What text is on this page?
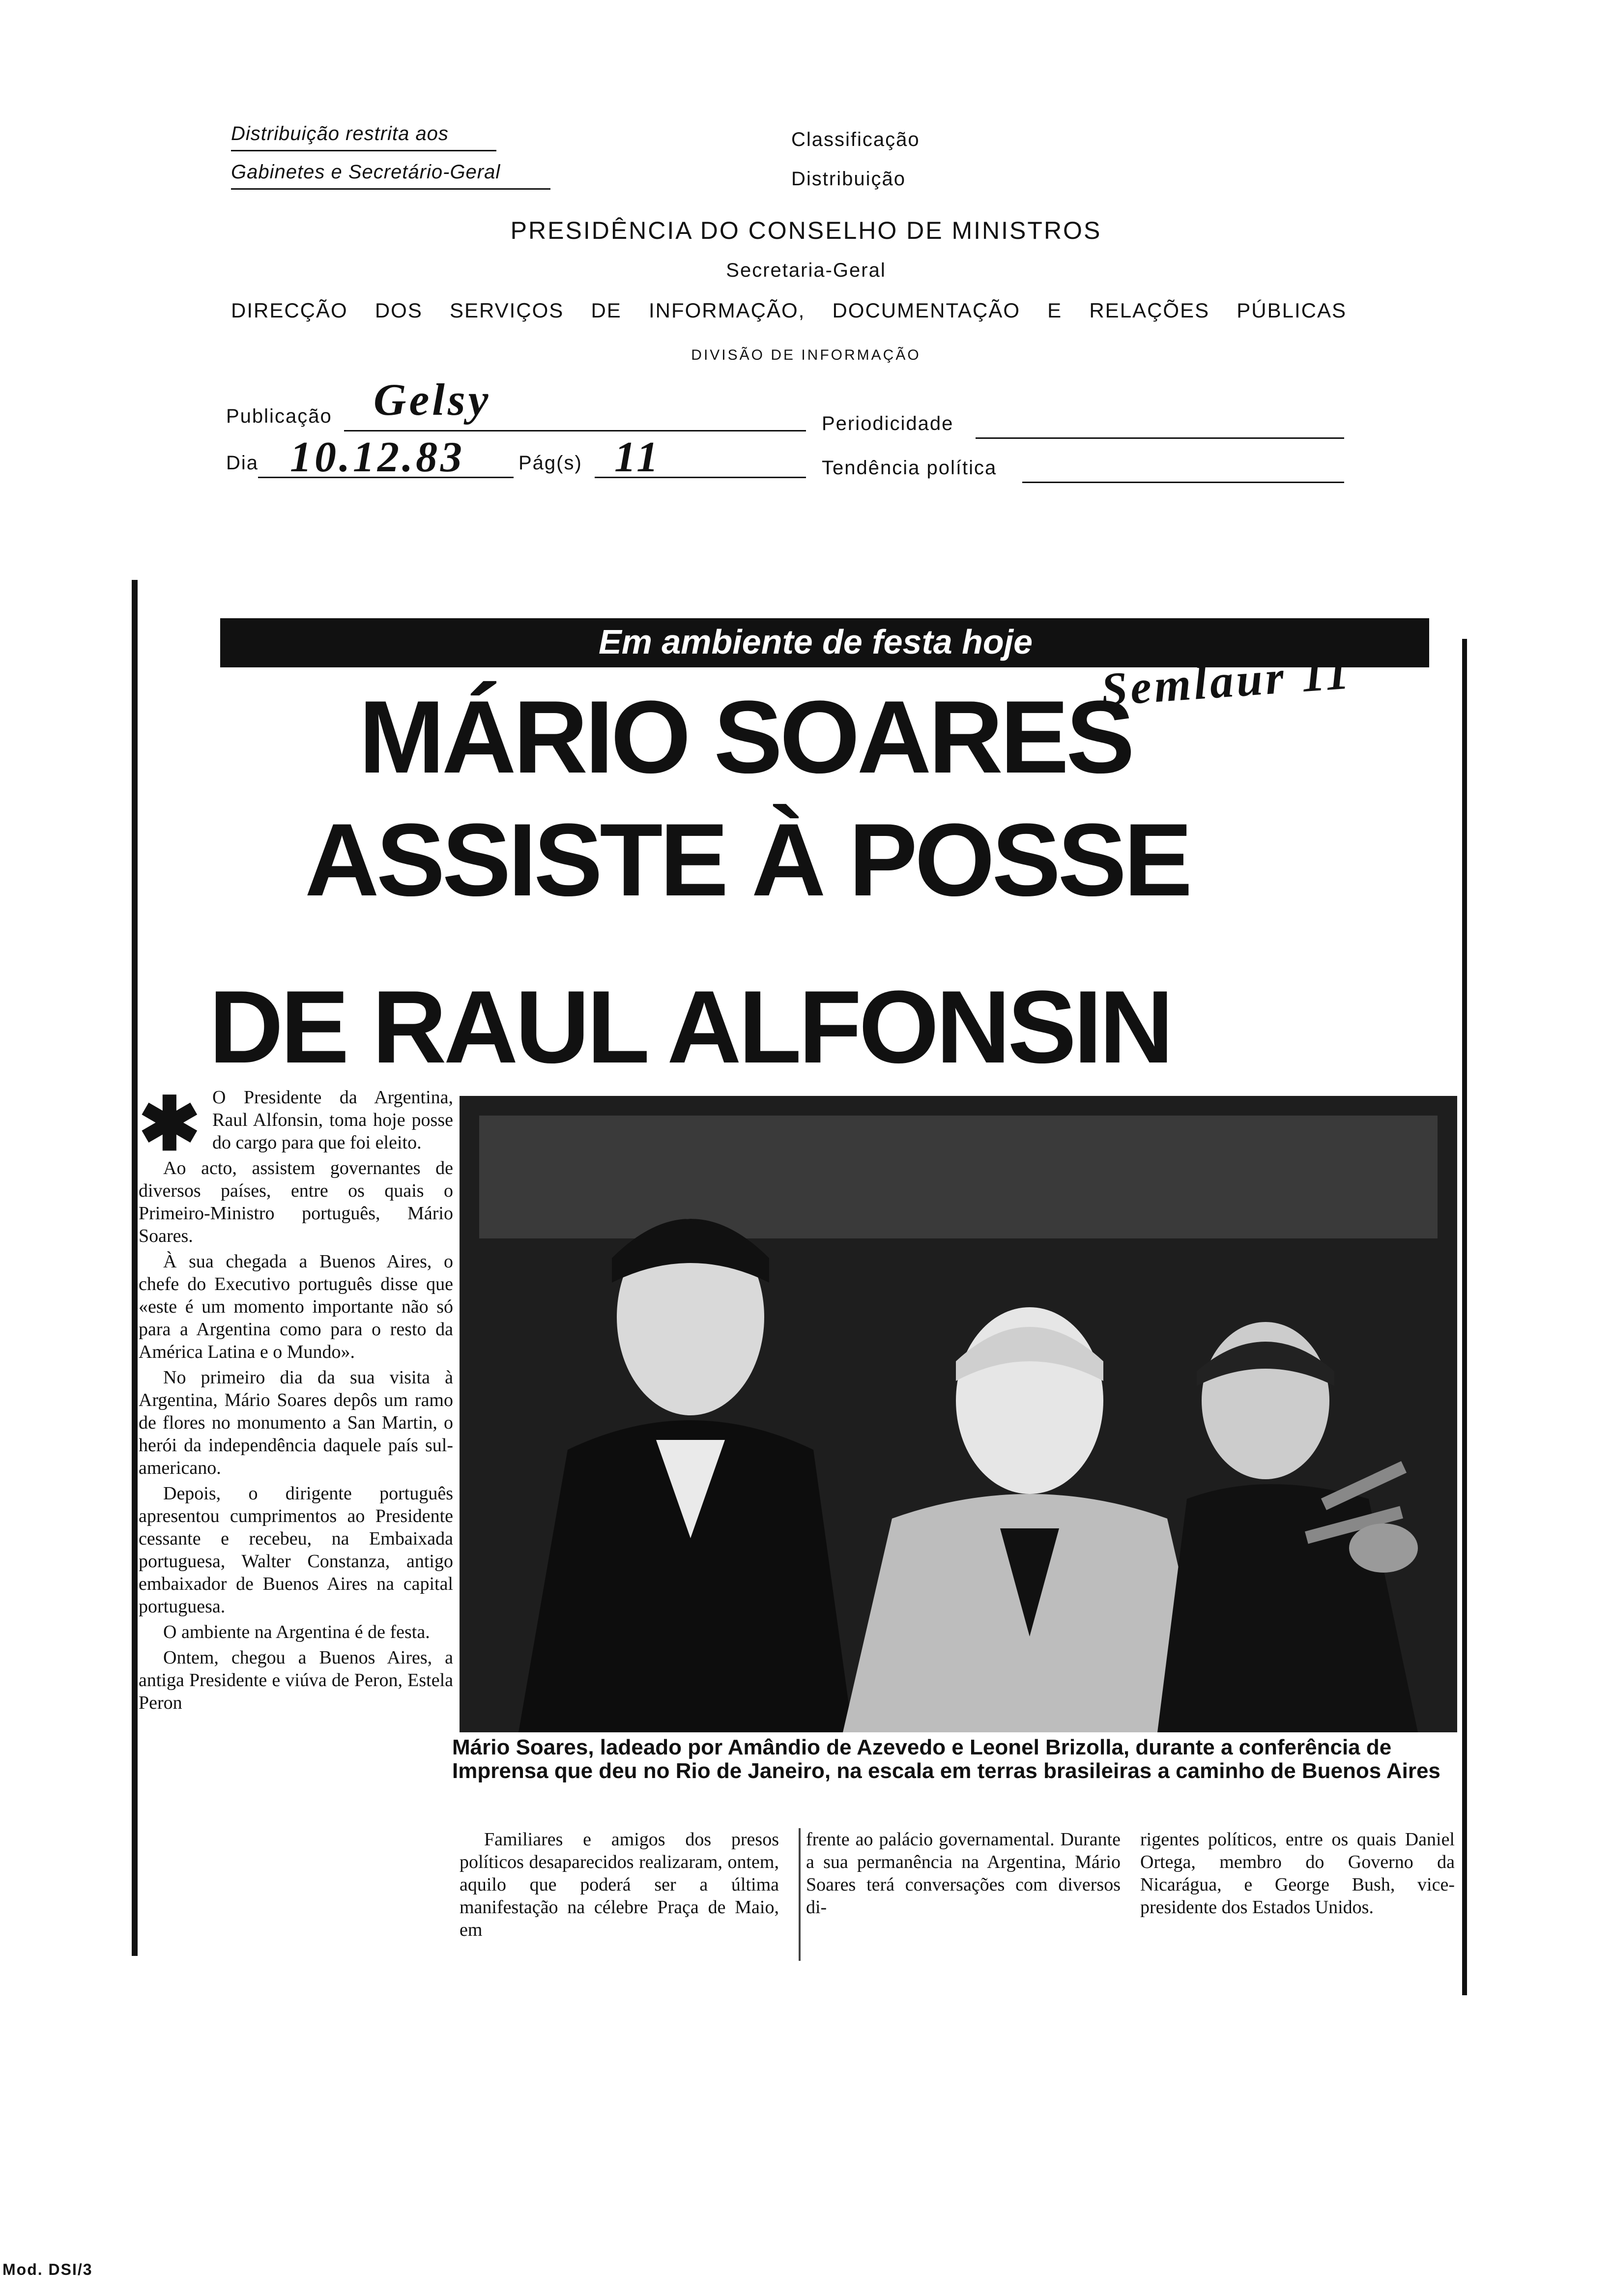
Distribuição restrita aos
Gabinetes e Secretário-Geral
Classificação
Distribuição
PRESIDÊNCIA DO CONSELHO DE MINISTROS
Secretaria-Geral
DIRECÇÃO DOS SERVIÇOS DE INFORMAÇÃO, DOCUMENTAÇÃO E RELAÇÕES PÚBLICAS
DIVISÃO DE INFORMAÇÃO
Publicação Gelsy	Periodicidade
Dia 10.12.83	Pág(s) 11	Tendência política
Em ambiente de festa hoje
Semlaur 11
MÁRIO SOARES
ASSISTE À POSSE
DE RAUL ALFONSIN
✱ O Presidente da Argentina, Raul Alfonsin, toma hoje posse do cargo para que foi eleito.

Ao acto, assistem governantes de diversos países, entre os quais o Primeiro-Ministro português, Mário Soares.

À sua chegada a Buenos Aires, o chefe do Executivo português disse que «este é um momento importante não só para a Argentina como para o resto da América Latina e o Mundo».

No primeiro dia da sua visita à Argentina, Mário Soares depôs um ramo de flores no monumento a San Martin, o herói da independência daquele país sul-americano.

Depois, o dirigente português apresentou cumprimentos ao Presidente cessante e recebeu, na Embaixada portuguesa, Walter Constanza, antigo embaixador de Buenos Aires na capital portuguesa.

O ambiente na Argentina é de festa.

Ontem, chegou a Buenos Aires, a antiga Presidente e viúva de Peron, Estela Peron

Mário Soares, ladeado por Amândio de Azevedo e Leonel Brizolla, durante a conferência de Imprensa que deu no Rio de Janeiro, na escala em terras brasileiras a caminho de Buenos Aires

Familiares e amigos dos presos políticos desaparecidos realizaram, ontem, aquilo que poderá ser a última manifestação na célebre Praça de Maio, em

frente ao palácio governamental. Durante a sua permanência na Argentina, Mário Soares terá conversações com diversos di-

rigentes políticos, entre os quais Daniel Ortega, membro do Governo da Nicarágua, e George Bush, vice-presidente dos Estados Unidos.

Mod. DSI/3
